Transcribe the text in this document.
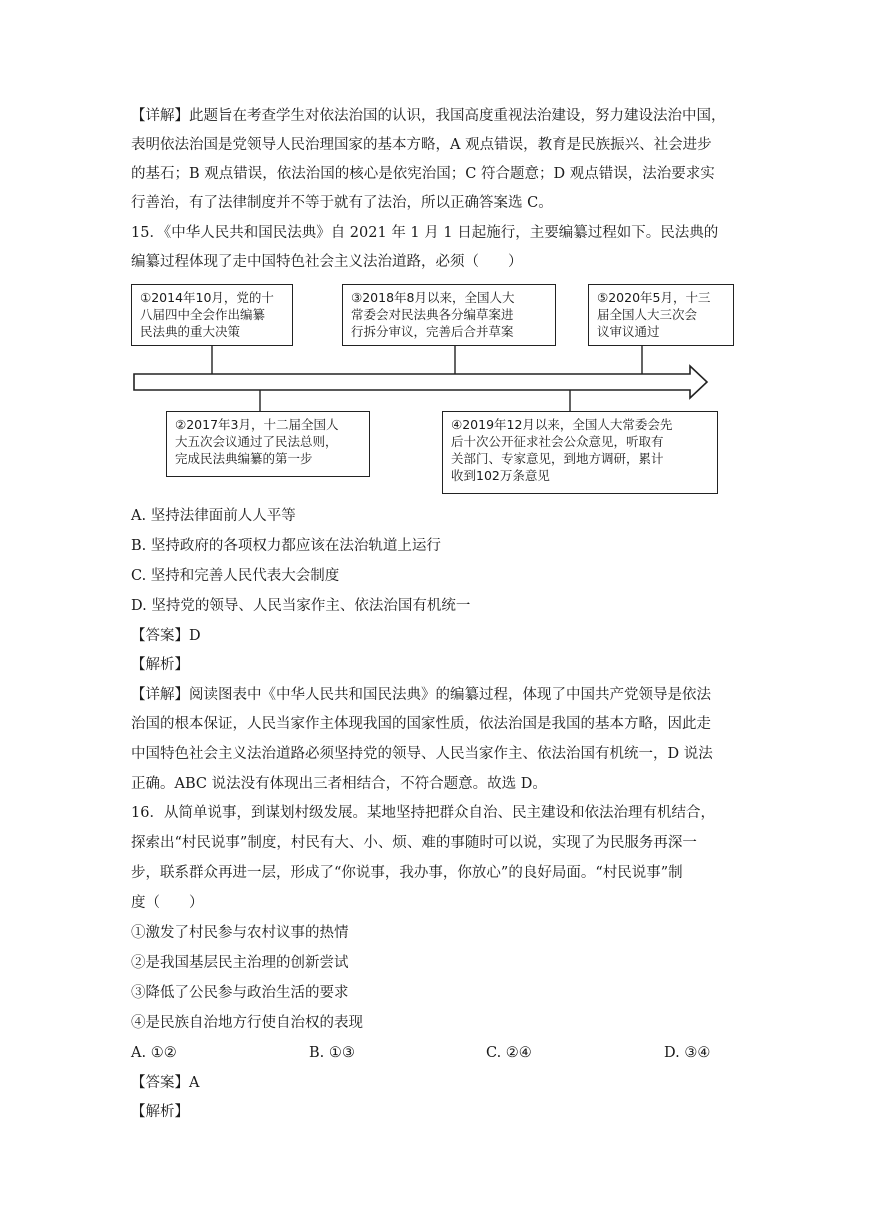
【详解】此题旨在考查学生对依法治国的认识，我国高度重视法治建设，努力建设法治中国，
表明依法治国是党领导人民治理国家的基本方略，A 观点错误，教育是民族振兴、社会进步
的基石；B 观点错误，依法治国的核心是依宪治国；C 符合题意；D 观点错误，法治要求实
行善治，有了法律制度并不等于就有了法治，所以正确答案选 C。
15．《中华人民共和国民法典》自 2021 年 1 月 1 日起施行，主要编纂过程如下。民法典的
编纂过程体现了走中国特色社会主义法治道路，必须（　　）
①2014年10月，党的十
八届四中全会作出编纂
民法典的重大决策
③2018年8月以来，全国人大
常委会对民法典各分编草案进
行拆分审议，完善后合并草案
⑤2020年5月，十三
届全国人大三次会
议审议通过
②2017年3月，十二届全国人
大五次会议通过了民法总则，
完成民法典编纂的第一步
④2019年12月以来，全国人大常委会先
后十次公开征求社会公众意见，听取有
关部门、专家意见，到地方调研，累计
收到102万条意见
A. 坚持法律面前人人平等
B. 坚持政府的各项权力都应该在法治轨道上运行
C. 坚持和完善人民代表大会制度
D. 坚持党的领导、人民当家作主、依法治国有机统一
【答案】D
【解析】
【详解】阅读图表中《中华人民共和国民法典》的编纂过程，体现了中国共产党领导是依法
治国的根本保证，人民当家作主体现我国的国家性质，依法治国是我国的基本方略，因此走
中国特色社会主义法治道路必须坚持党的领导、人民当家作主、依法治国有机统一，D 说法
正确。ABC 说法没有体现出三者相结合，不符合题意。故选 D。
16．从简单说事，到谋划村级发展。某地坚持把群众自治、民主建设和依法治理有机结合，
探索出“村民说事”制度，村民有大、小、烦、难的事随时可以说，实现了为民服务再深一
步，联系群众再进一层，形成了“你说事，我办事，你放心”的良好局面。“村民说事”制
度（　　）
①激发了村民参与农村议事的热情
②是我国基层民主治理的创新尝试
③降低了公民参与政治生活的要求
④是民族自治地方行使自治权的表现
A. ①②	B. ①③	C. ②④	D. ③④
【答案】A
【解析】
